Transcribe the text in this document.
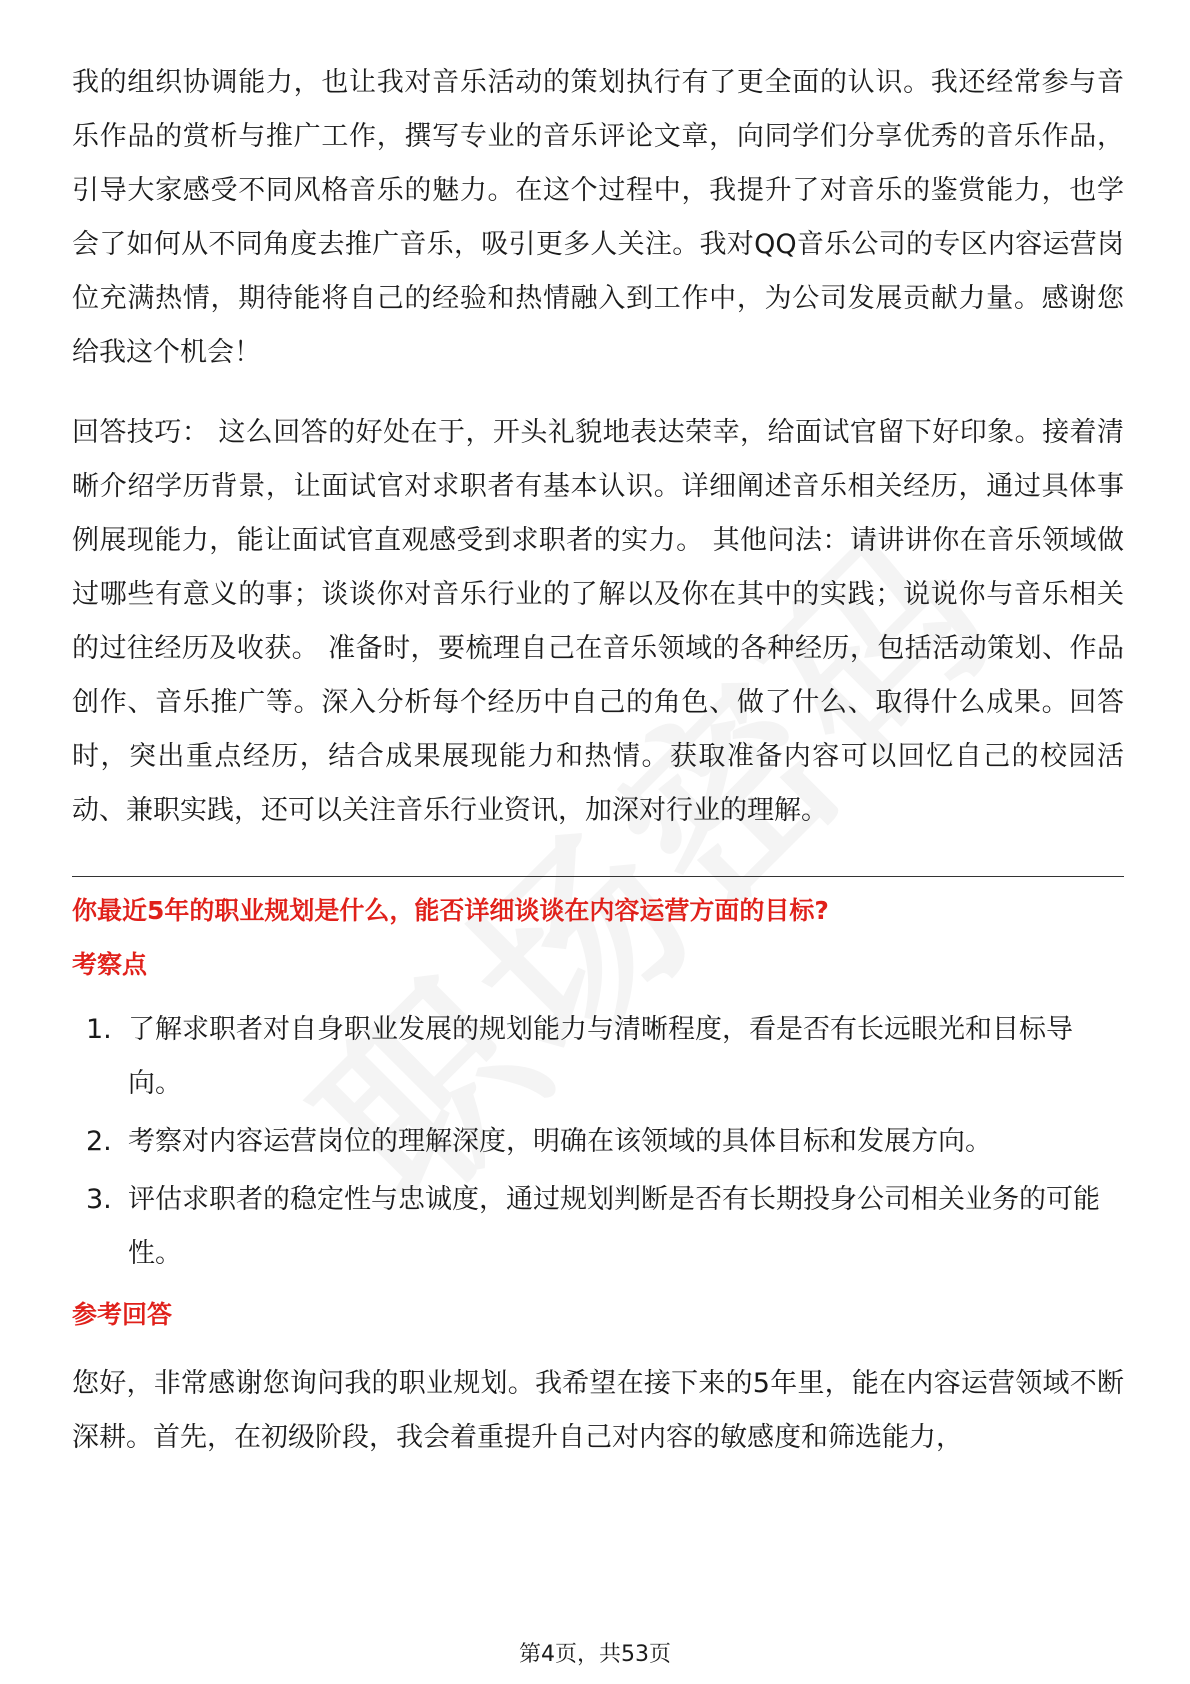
我的组织协调能力，也让我对音乐活动的策划执行有了更全面的认识。我还经常参与音乐作品的赏析与推广工作，撰写专业的音乐评论文章，向同学们分享优秀的音乐作品，引导大家感受不同风格音乐的魅力。在这个过程中，我提升了对音乐的鉴赏能力，也学会了如何从不同角度去推广音乐，吸引更多人关注。我对QQ音乐公司的专区内容运营岗位充满热情，期待能将自己的经验和热情融入到工作中，为公司发展贡献力量。感谢您给我这个机会！

回答技巧： 这么回答的好处在于，开头礼貌地表达荣幸，给面试官留下好印象。接着清晰介绍学历背景，让面试官对求职者有基本认识。详细阐述音乐相关经历，通过具体事例展现能力，能让面试官直观感受到求职者的实力。 其他问法：请讲讲你在音乐领域做过哪些有意义的事；谈谈你对音乐行业的了解以及你在其中的实践；说说你与音乐相关的过往经历及收获。 准备时，要梳理自己在音乐领域的各种经历，包括活动策划、作品创作、音乐推广等。深入分析每个经历中自己的角色、做了什么、取得什么成果。回答时，突出重点经历，结合成果展现能力和热情。获取准备内容可以回忆自己的校园活动、兼职实践，还可以关注音乐行业资讯，加深对行业的理解。

你最近5年的职业规划是什么，能否详细谈谈在内容运营方面的目标?
考察点
1. 了解求职者对自身职业发展的规划能力与清晰程度，看是否有长远眼光和目标导向。
2. 考察对内容运营岗位的理解深度，明确在该领域的具体目标和发展方向。
3. 评估求职者的稳定性与忠诚度，通过规划判断是否有长期投身公司相关业务的可能性。
参考回答

您好，非常感谢您询问我的职业规划。我希望在接下来的5年里，能在内容运营领域不断深耕。首先，在初级阶段，我会着重提升自己对内容的敏感度和筛选能力，

第4页，共53页
